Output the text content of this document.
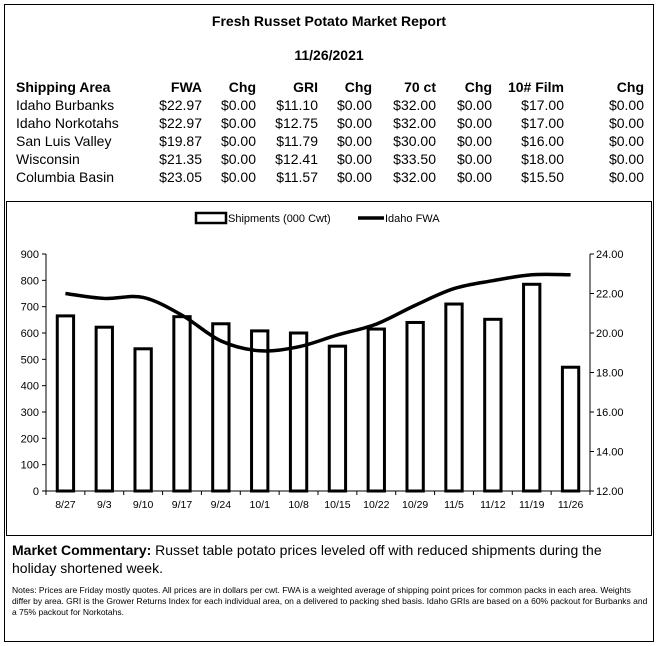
Fresh Russet Potato Market Report
11/26/2021
Shipping Area	FWA	Chg	GRI	Chg	70 ct	Chg	10# Film	Chg
Idaho Burbanks	$22.97	$0.00	$11.10	$0.00	$32.00	$0.00	$17.00	$0.00
Idaho Norkotahs	$22.97	$0.00	$12.75	$0.00	$32.00	$0.00	$17.00	$0.00
San Luis Valley	$19.87	$0.00	$11.79	$0.00	$30.00	$0.00	$16.00	$0.00
Wisconsin	$21.35	$0.00	$12.41	$0.00	$33.50	$0.00	$18.00	$0.00
Columbia Basin	$23.05	$0.00	$11.57	$0.00	$32.00	$0.00	$15.50	$0.00
0
100
200
300
400
500
600
700
800
900
12.00
14.00
16.00
18.00
20.00
22.00
24.00
8/27 9/3 9/10 9/17 9/24 10/1 10/8 10/15 10/22 10/29 11/5 11/12 11/19 11/26
Shipments (000 Cwt)	Idaho FWA
Market Commentary: Russet table potato prices leveled off with reduced shipments during the holiday shortened week.
Notes: Prices are Friday mostly quotes. All prices are in dollars per cwt. FWA is a weighted average of shipping point prices for common packs in each area. Weights differ by area. GRI is the Grower Returns Index for each individual area, on a delivered to packing shed basis. Idaho GRIs are based on a 60% packout for Burbanks and a 75% packout for Norkotahs.
